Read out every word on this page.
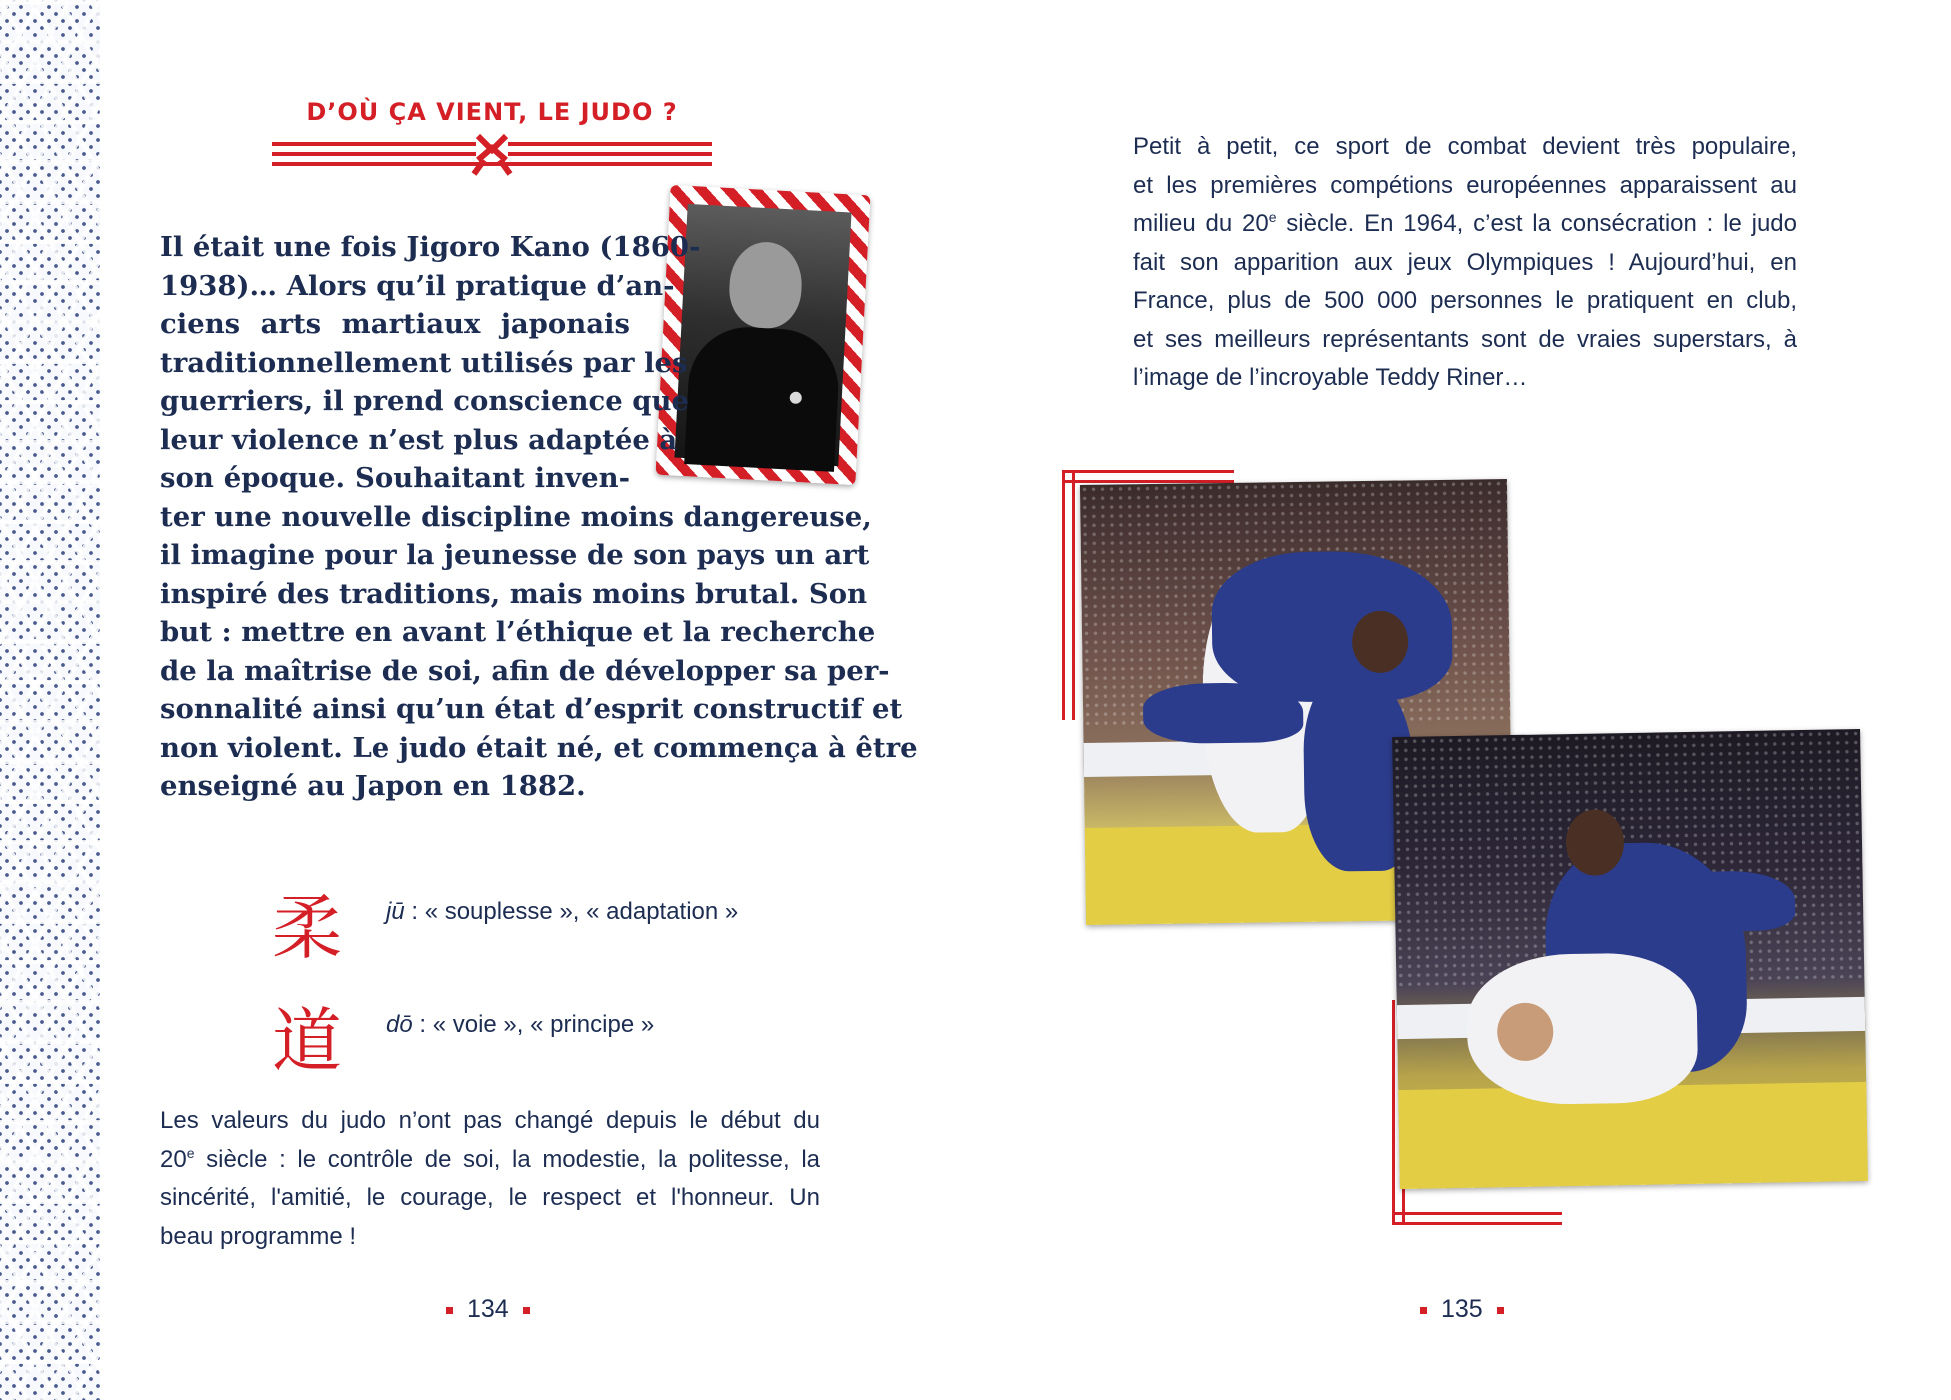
D’OÙ ÇA VIENT, LE JUDO ?
Il était une fois Jigoro Kano (1860-
1938)… Alors qu’il pratique d’an-
ciens arts martiaux japonais
traditionnellement utilisés par les
guerriers, il prend conscience que
leur violence n’est plus adaptée à
son époque. Souhaitant inven-
ter une nouvelle discipline moins dangereuse,
il imagine pour la jeunesse de son pays un art
inspiré des traditions, mais moins brutal. Son
but : mettre en avant l’éthique et la recherche
de la maîtrise de soi, afin de développer sa per-
sonnalité ainsi qu’un état d’esprit constructif et
non violent. Le judo était né, et commença à être
enseigné au Japon en 1882.
柔 jū : « souplesse », « adaptation »
道 dō : « voie », « principe »
Les valeurs du judo n’ont pas changé depuis le début du
20e siècle : le contrôle de soi, la modestie, la politesse, la
sincérité, l'amitié, le courage, le respect et l'honneur. Un
beau programme !
134
Petit à petit, ce sport de combat devient très populaire,
et les premières compétions européennes apparaissent au
milieu du 20e siècle. En 1964, c’est la consécration : le judo
fait son apparition aux jeux Olympiques ! Aujourd’hui, en
France, plus de 500 000 personnes le pratiquent en club,
et ses meilleurs représentants sont de vraies superstars, à
l’image de l’incroyable Teddy Riner…
135
